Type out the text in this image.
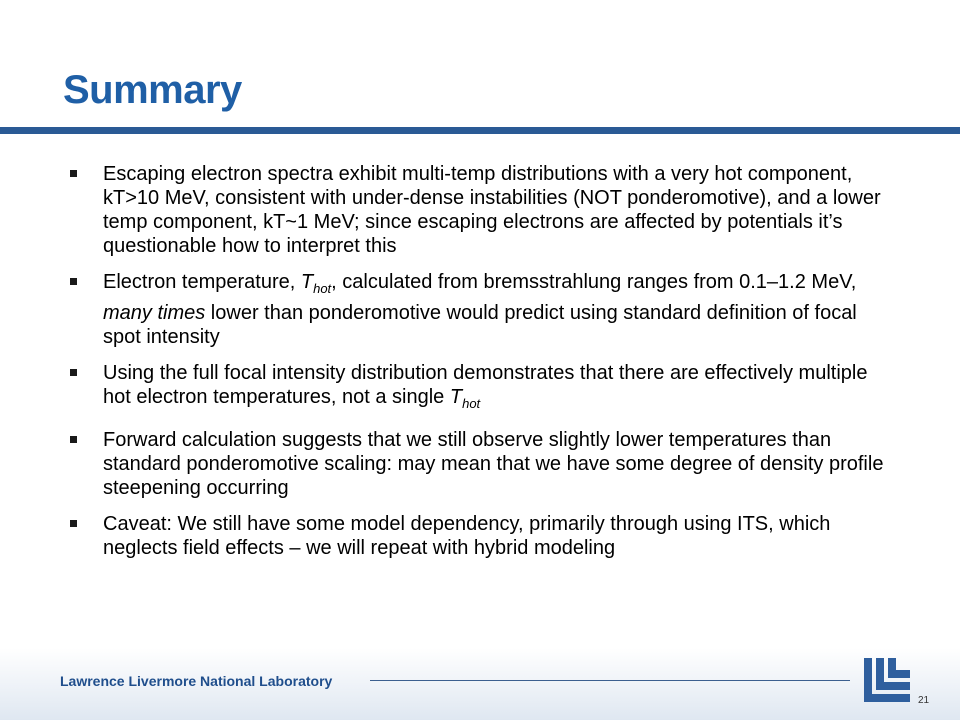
Summary
Escaping electron spectra exhibit multi-temp distributions with a very hot component, kT>10 MeV, consistent with under-dense instabilities (NOT ponderomotive), and a lower temp component, kT~1 MeV; since escaping electrons are affected by potentials it’s questionable how to interpret this
Electron temperature, $T_{hot}$, calculated from bremsstrahlung ranges from 0.1–1.2 MeV, many times lower than ponderomotive would predict using standard definition of focal spot intensity
Using the full focal intensity distribution demonstrates that there are effectively multiple hot electron temperatures, not a single $T_{hot}$
Forward calculation suggests that we still observe slightly lower temperatures than standard ponderomotive scaling: may mean that we have some degree of density profile steepening occurring
Caveat: We still have some model dependency, primarily through using ITS, which neglects field effects – we will repeat with hybrid modeling
Lawrence Livermore National Laboratory
21
